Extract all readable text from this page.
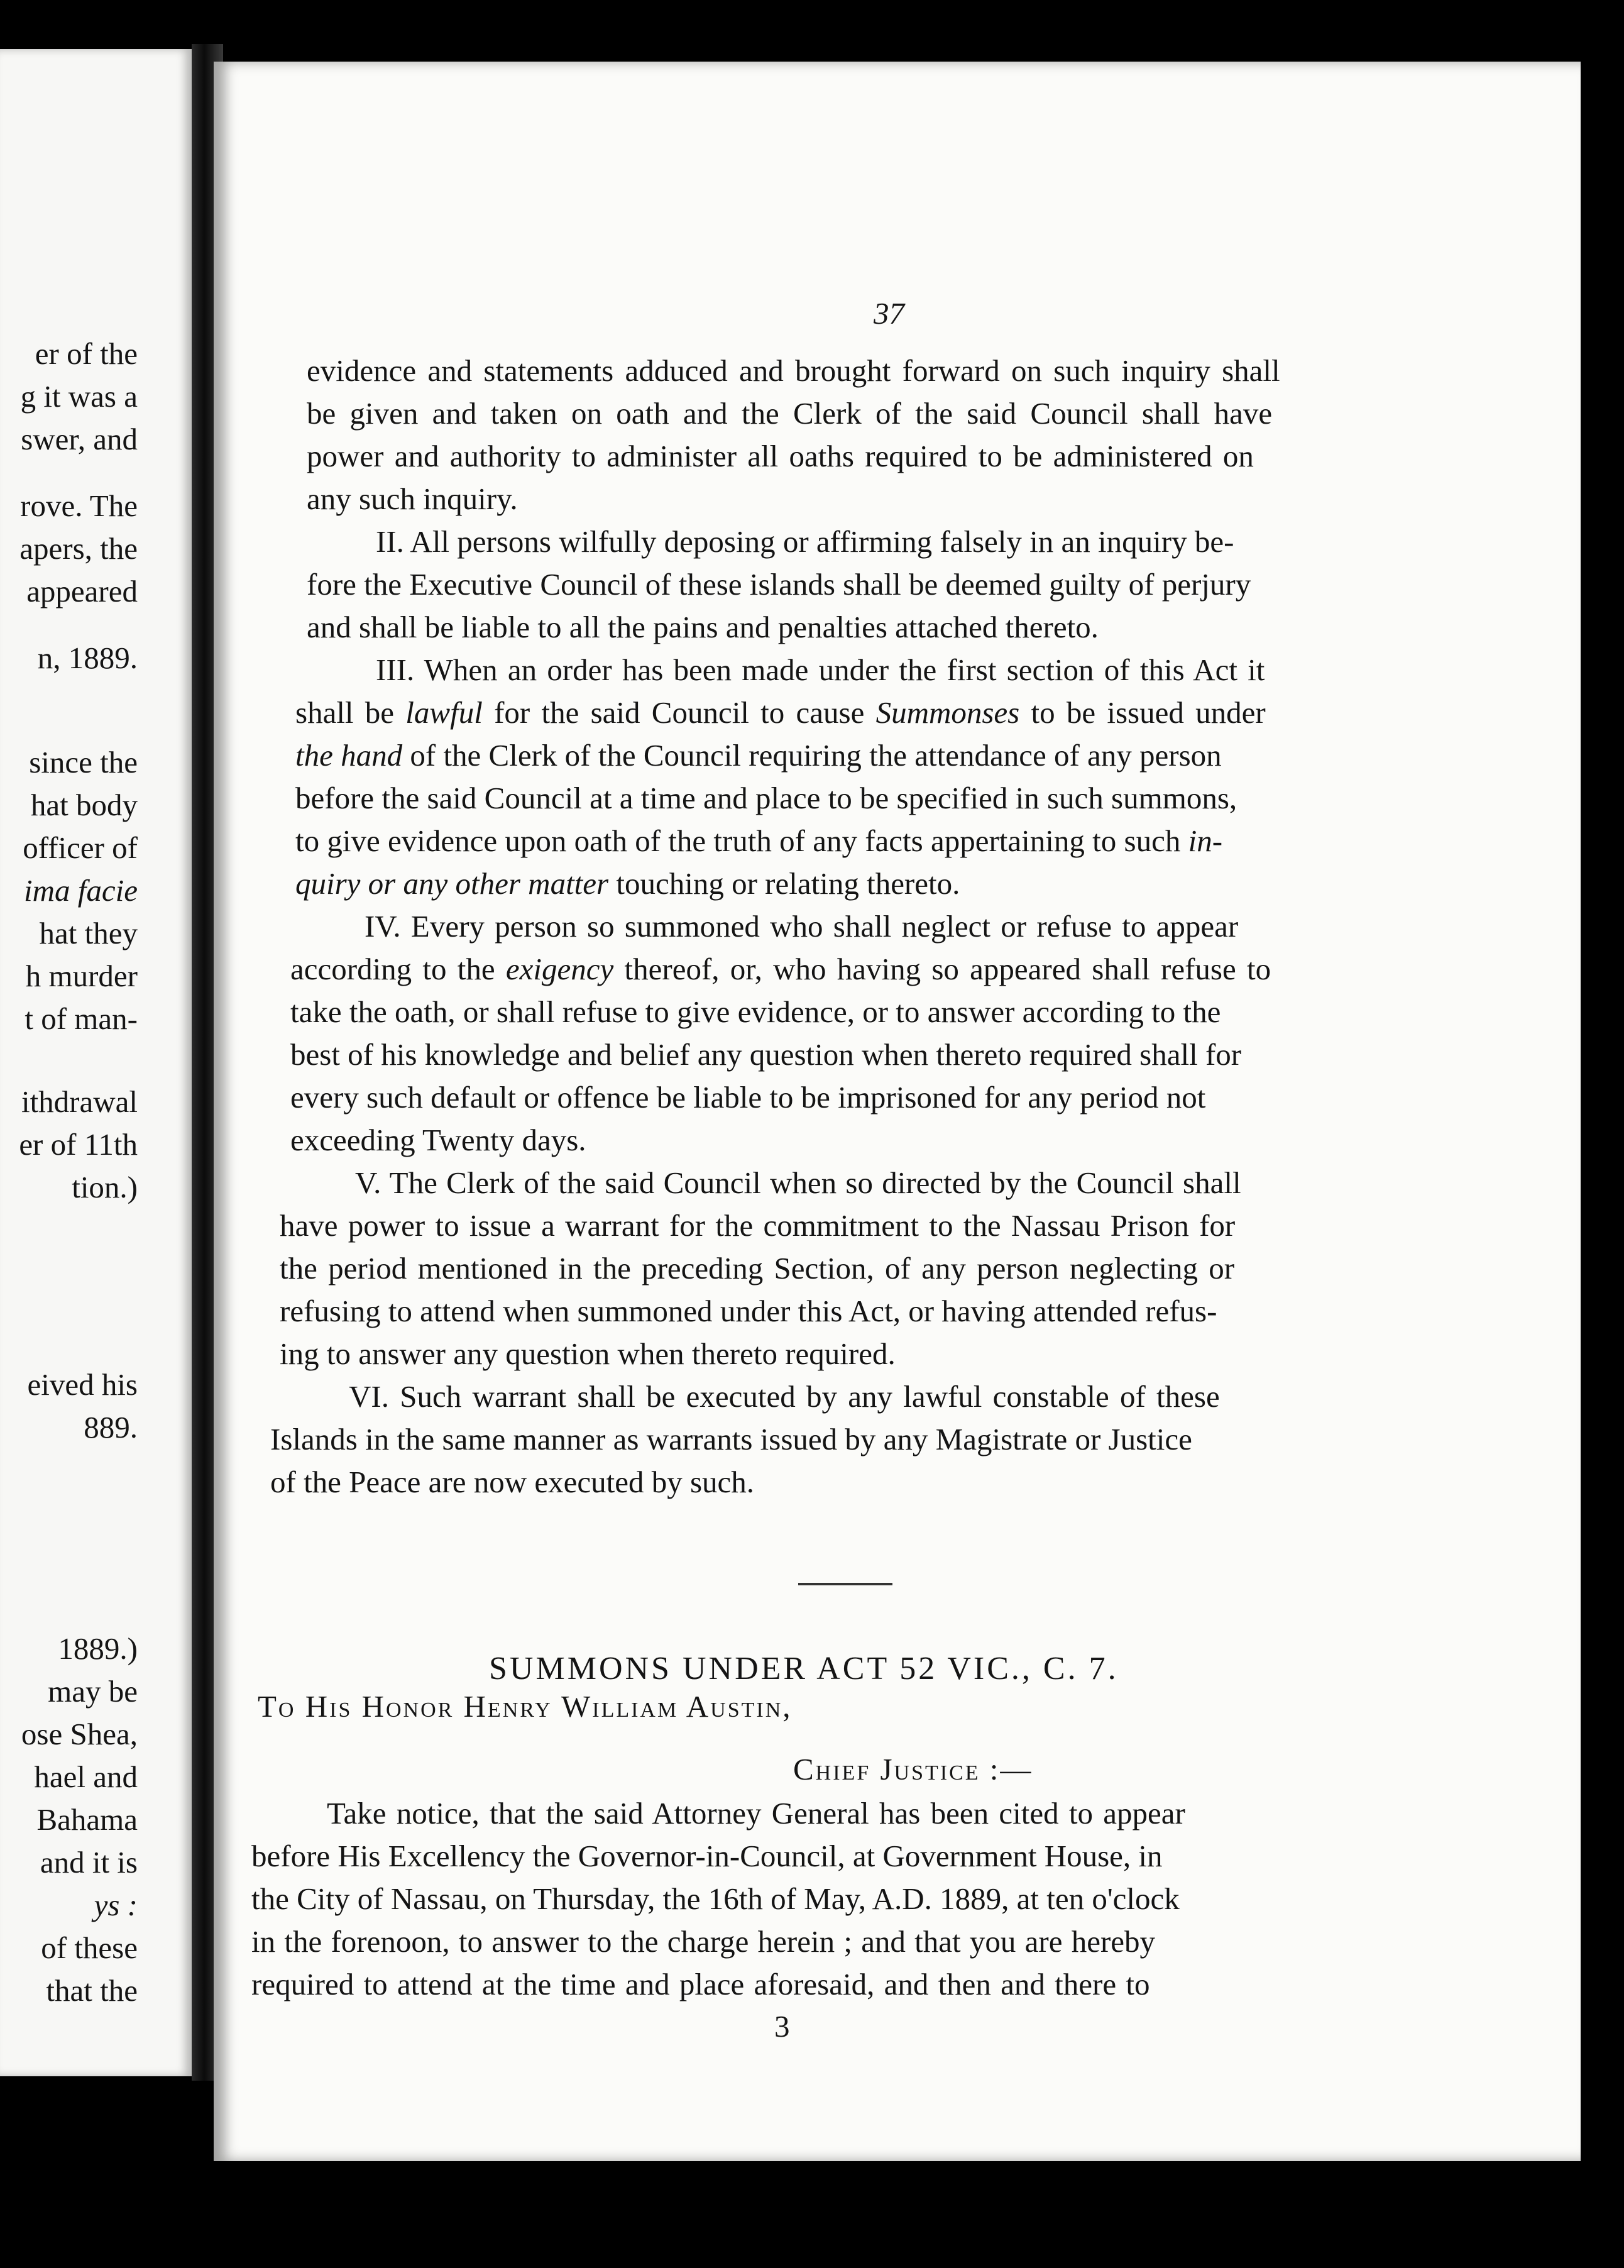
er of the
g it was a
swer, and
rove. The
apers, the
appeared
n, 1889.
since the
hat body
officer of
ima facie
hat they
h murder
t of man-
ithdrawal
er of 11th
tion.)
eived his
889.
1889.)
may be
ose Shea,
hael and
Bahama
and it is
ys :
of these
that the
37
evidence and statements adduced and brought forward on such inquiry shall
be given and taken on oath and the Clerk of the said Council shall have
power and authority to administer all oaths required to be administered on
any such inquiry.
II. All persons wilfully deposing or affirming falsely in an inquiry be-
fore the Executive Council of these islands shall be deemed guilty of perjury
and shall be liable to all the pains and penalties attached thereto.
III. When an order has been made under the first section of this Act it
shall be lawful for the said Council to cause Summonses to be issued under
the hand of the Clerk of the Council requiring the attendance of any person
before the said Council at a time and place to be specified in such summons,
to give evidence upon oath of the truth of any facts appertaining to such in-
quiry or any other matter touching or relating thereto.
IV. Every person so summoned who shall neglect or refuse to appear
according to the exigency thereof, or, who having so appeared shall refuse to
take the oath, or shall refuse to give evidence, or to answer according to the
best of his knowledge and belief any question when thereto required shall for
every such default or offence be liable to be imprisoned for any period not
exceeding Twenty days.
V. The Clerk of the said Council when so directed by the Council shall
have power to issue a warrant for the commitment to the Nassau Prison for
the period mentioned in the preceding Section, of any person neglecting or
refusing to attend when summoned under this Act, or having attended refus-
ing to answer any question when thereto required.
VI. Such warrant shall be executed by any lawful constable of these
Islands in the same manner as warrants issued by any Magistrate or Justice
of the Peace are now executed by such.
SUMMONS UNDER ACT 52 VIC., C. 7.
To His Honor Henry William Austin,
Chief Justice :—
Take notice, that the said Attorney General has been cited to appear
before His Excellency the Governor-in-Council, at Government House, in
the City of Nassau, on Thursday, the 16th of May, A.D. 1889, at ten o'clock
in the forenoon, to answer to the charge herein ; and that you are hereby
required to attend at the time and place aforesaid, and then and there to
3
